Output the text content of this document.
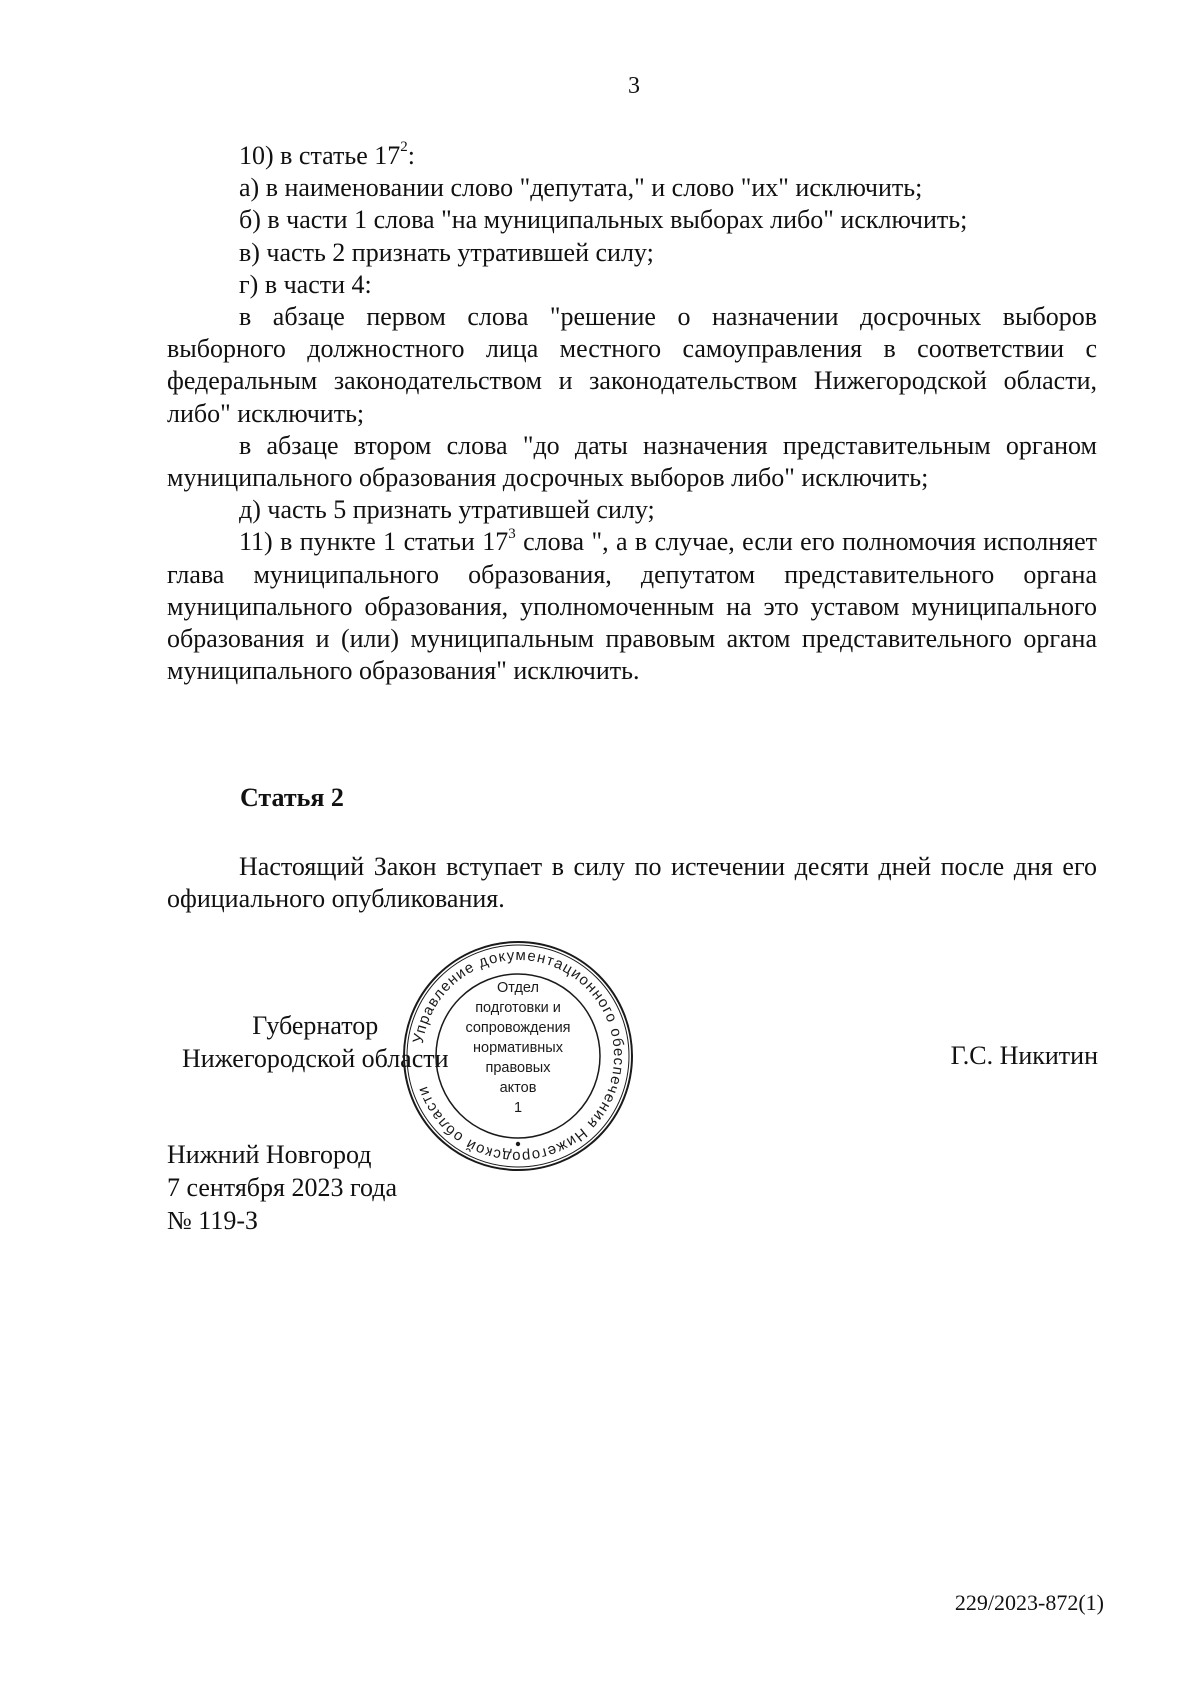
3

10) в статье $17^2$:

а) в наименовании слово "депутата," и слово "их" исключить;

б) в части 1 слова "на муниципальных выборах либо" исключить;

в) часть 2 признать утратившей силу;

г) в части 4:

в абзаце первом слова "решение о назначении досрочных выборов выборного должностного лица местного самоуправления в соответствии с федеральным законодательством и законодательством Нижегородской области, либо" исключить;

в абзаце втором слова "до даты назначения представительным органом муниципального образования досрочных выборов либо" исключить;

д) часть 5 признать утратившей силу;

11) в пункте 1 статьи $17^3$ слова ", а в случае, если его полномочия исполняет глава муниципального образования, депутатом представительного органа муниципального образования, уполномоченным на это уставом муниципального образования и (или) муниципальным правовым актом представительного органа муниципального образования" исключить.

Статья 2

Настоящий Закон вступает в силу по истечении десяти дней после дня его официального опубликования.

Губернатор
Нижегородской области
Управление документационного обеспечения Нижегородской области
Отдел
подготовки и
сопровождения
нормативных
правовых
актов
1
Г.С. Никитин
Нижний Новгород
7 сентября 2023 года
№ 119-З
229/2023-872(1)
